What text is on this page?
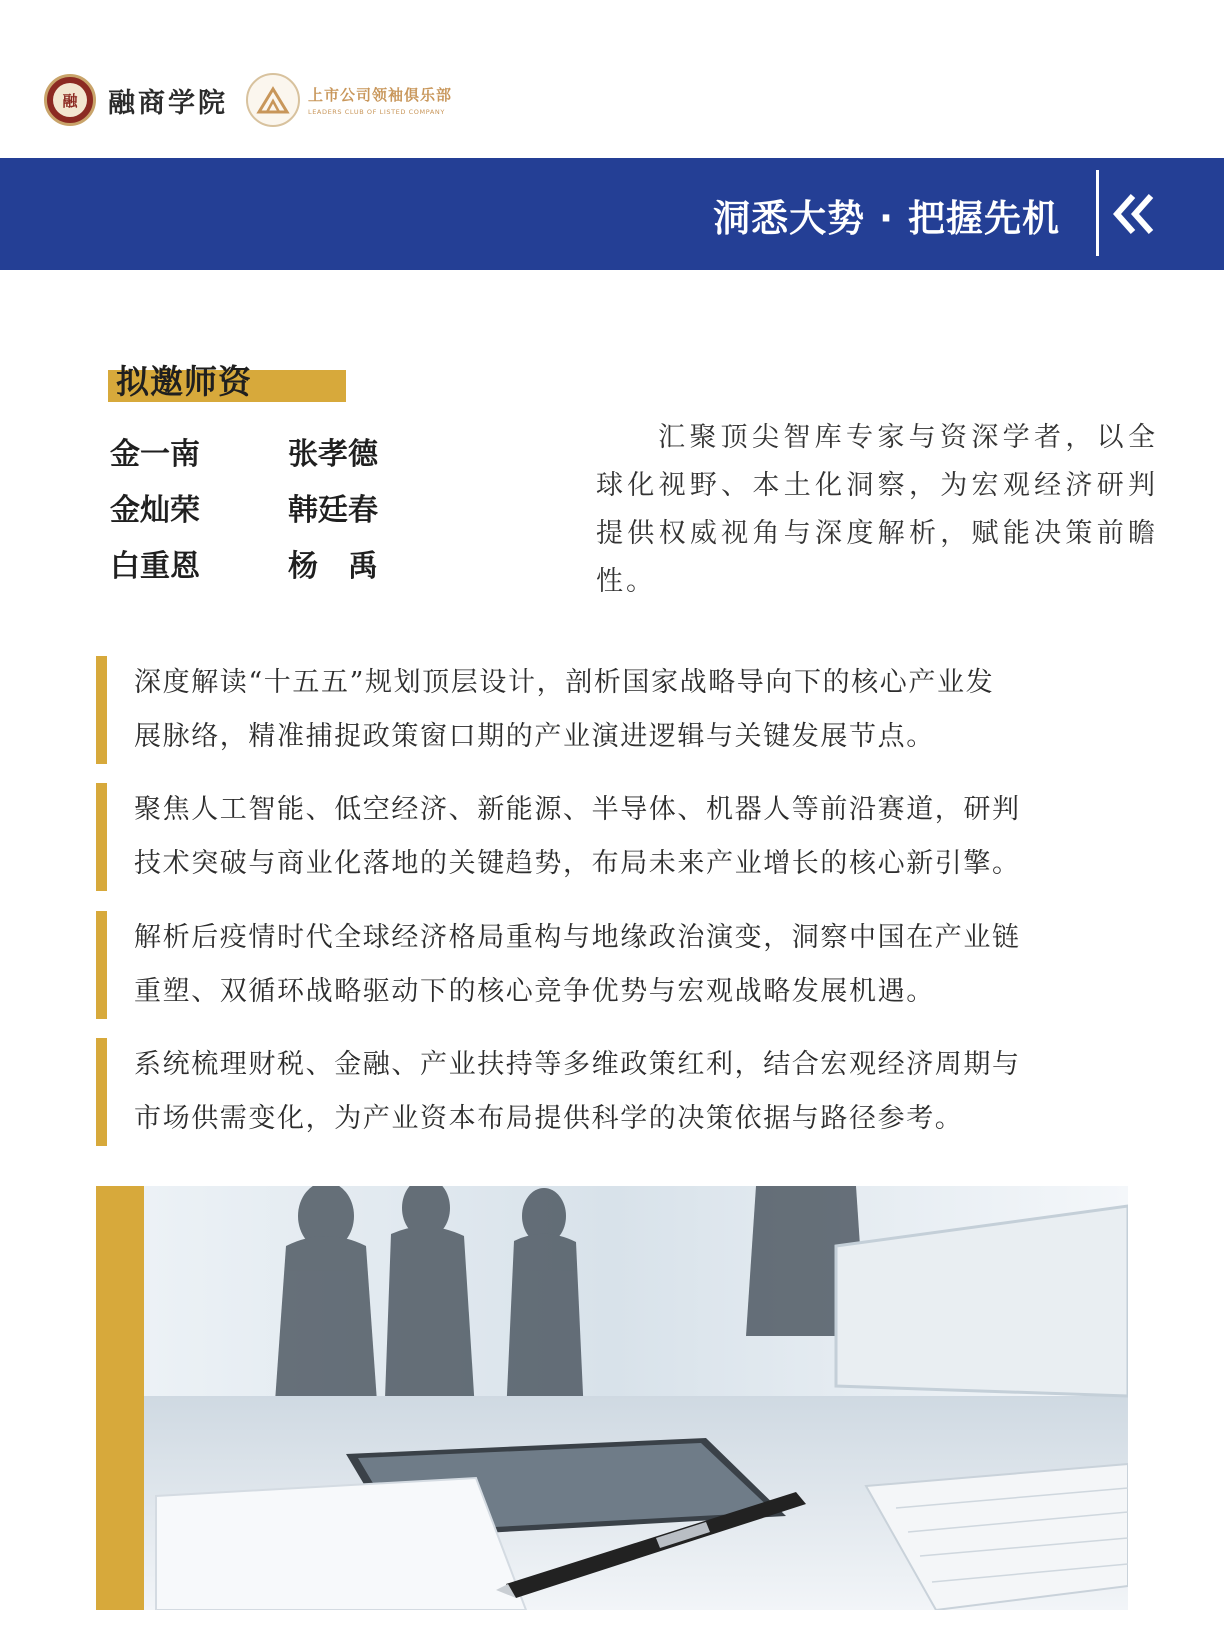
融	融商学院	上市公司领袖俱乐部
LEADERS CLUB OF LISTED COMPANY
洞悉大势 · 把握先机
拟邀师资
金一南	张孝德
金灿荣	韩廷春
白重恩	杨　禹

汇聚顶尖智库专家与资深学者，以全球化视野、本土化洞察，为宏观经济研判提供权威视角与深度解析，赋能决策前瞻性。

深度解读“十五五”规划顶层设计，剖析国家战略导向下的核心产业发

展脉络，精准捕捉政策窗口期的产业演进逻辑与关键发展节点。

聚焦人工智能、低空经济、新能源、半导体、机器人等前沿赛道，研判

技术突破与商业化落地的关键趋势，布局未来产业增长的核心新引擎。

解析后疫情时代全球经济格局重构与地缘政治演变，洞察中国在产业链

重塑、双循环战略驱动下的核心竞争优势与宏观战略发展机遇。

系统梳理财税、金融、产业扶持等多维政策红利，结合宏观经济周期与

市场供需变化，为产业资本布局提供科学的决策依据与路径参考。
